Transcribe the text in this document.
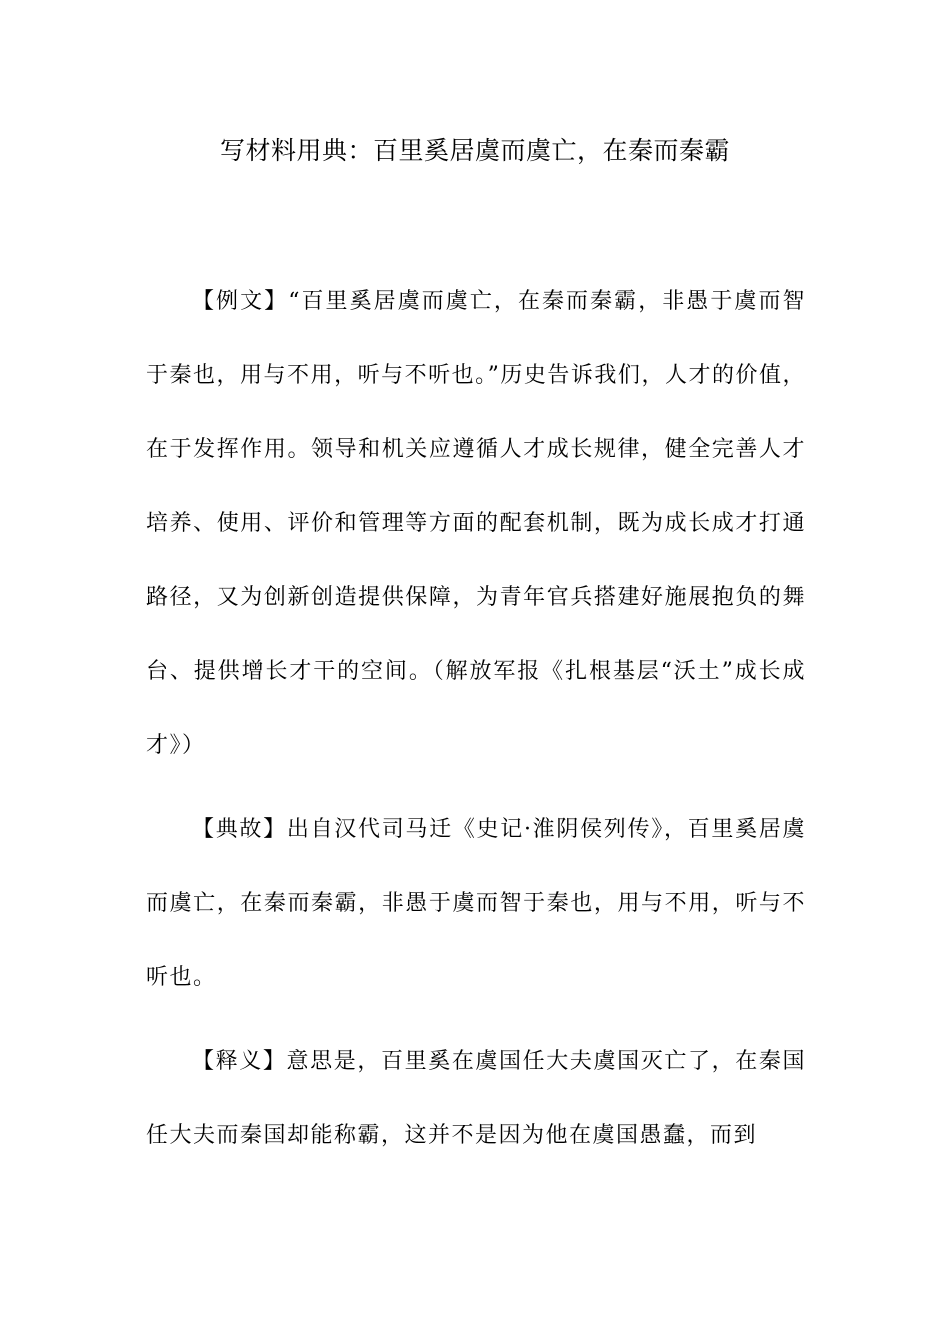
写材料用典：百里奚居虞而虞亡，在秦而秦霸

【例文】“百里奚居虞而虞亡，在秦而秦霸，非愚于虞而智于秦也，用与不用，听与不听也。”历史告诉我们，人才的价值，在于发挥作用。领导和机关应遵循人才成长规律，健全完善人才培养、使用、评价和管理等方面的配套机制，既为成长成才打通路径，又为创新创造提供保障，为青年官兵搭建好施展抱负的舞台、提供增长才干的空间。（解放军报《扎根基层“沃土”成长成才》）

【典故】出自汉代司马迁《史记·淮阴侯列传》，百里奚居虞而虞亡，在秦而秦霸，非愚于虞而智于秦也，用与不用，听与不听也。

【释义】意思是，百里奚在虞国任大夫虞国灭亡了，在秦国任大夫而秦国却能称霸，这并不是因为他在虞国愚蠢，而到
